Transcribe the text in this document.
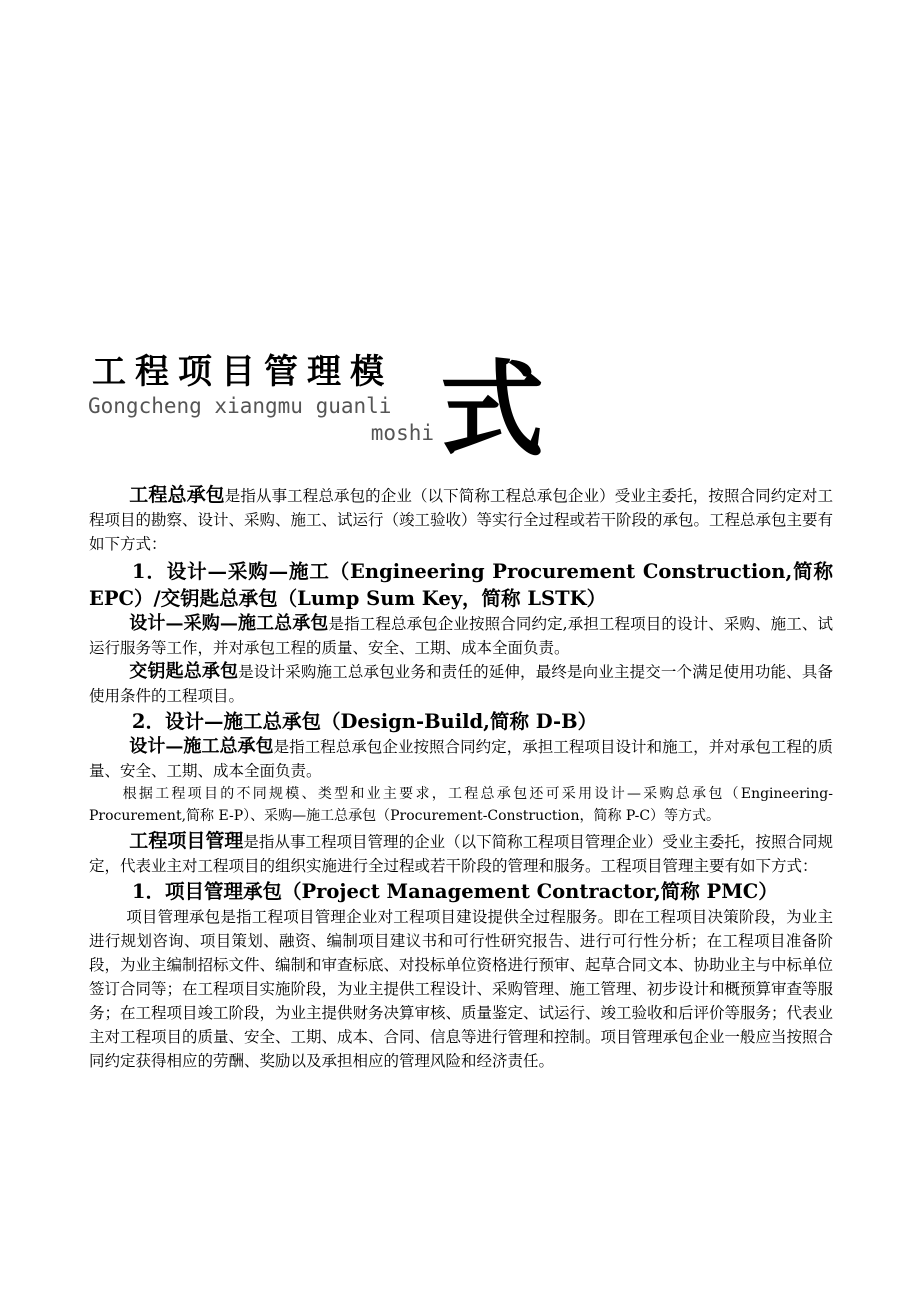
工程项目管理模 式
Gongcheng xiangmu guanli
moshi

工程总承包是指从事工程总承包的企业（以下简称工程总承包企业）受业主委托，按照合同约定对工程项目的勘察、设计、采购、施工、试运行（竣工验收）等实行全过程或若干阶段的承包。工程总承包主要有如下方式：

1．设计—采购—施工（Engineering Procurement Construction,简称EPC）/交钥匙总承包（Lump Sum Key，简称 LSTK）

设计—采购—施工总承包是指工程总承包企业按照合同约定,承担工程项目的设计、采购、施工、试运行服务等工作，并对承包工程的质量、安全、工期、成本全面负责。

交钥匙总承包是设计采购施工总承包业务和责任的延伸，最终是向业主提交一个满足使用功能、具备使用条件的工程项目。

2．设计—施工总承包（Design-Build,简称 D-B）

设计—施工总承包是指工程总承包企业按照合同约定，承担工程项目设计和施工，并对承包工程的质量、安全、工期、成本全面负责。

根据工程项目的不同规模、类型和业主要求，工程总承包还可采用设计—采购总承包（Engineering-Procurement,简称 E-P）、采购—施工总承包（Procurement-Construction，简称 P-C）等方式。

工程项目管理是指从事工程项目管理的企业（以下简称工程项目管理企业）受业主委托，按照合同规定，代表业主对工程项目的组织实施进行全过程或若干阶段的管理和服务。工程项目管理主要有如下方式：

1．项目管理承包（Project Management Contractor,简称 PMC）

项目管理承包是指工程项目管理企业对工程项目建设提供全过程服务。即在工程项目决策阶段，为业主进行规划咨询、项目策划、融资、编制项目建议书和可行性研究报告、进行可行性分析；在工程项目准备阶段，为业主编制招标文件、编制和审查标底、对投标单位资格进行预审、起草合同文本、协助业主与中标单位签订合同等；在工程项目实施阶段，为业主提供工程设计、采购管理、施工管理、初步设计和概预算审查等服务；在工程项目竣工阶段，为业主提供财务决算审核、质量鉴定、试运行、竣工验收和后评价等服务；代表业主对工程项目的质量、安全、工期、成本、合同、信息等进行管理和控制。项目管理承包企业一般应当按照合同约定获得相应的劳酬、奖励以及承担相应的管理风险和经济责任。
